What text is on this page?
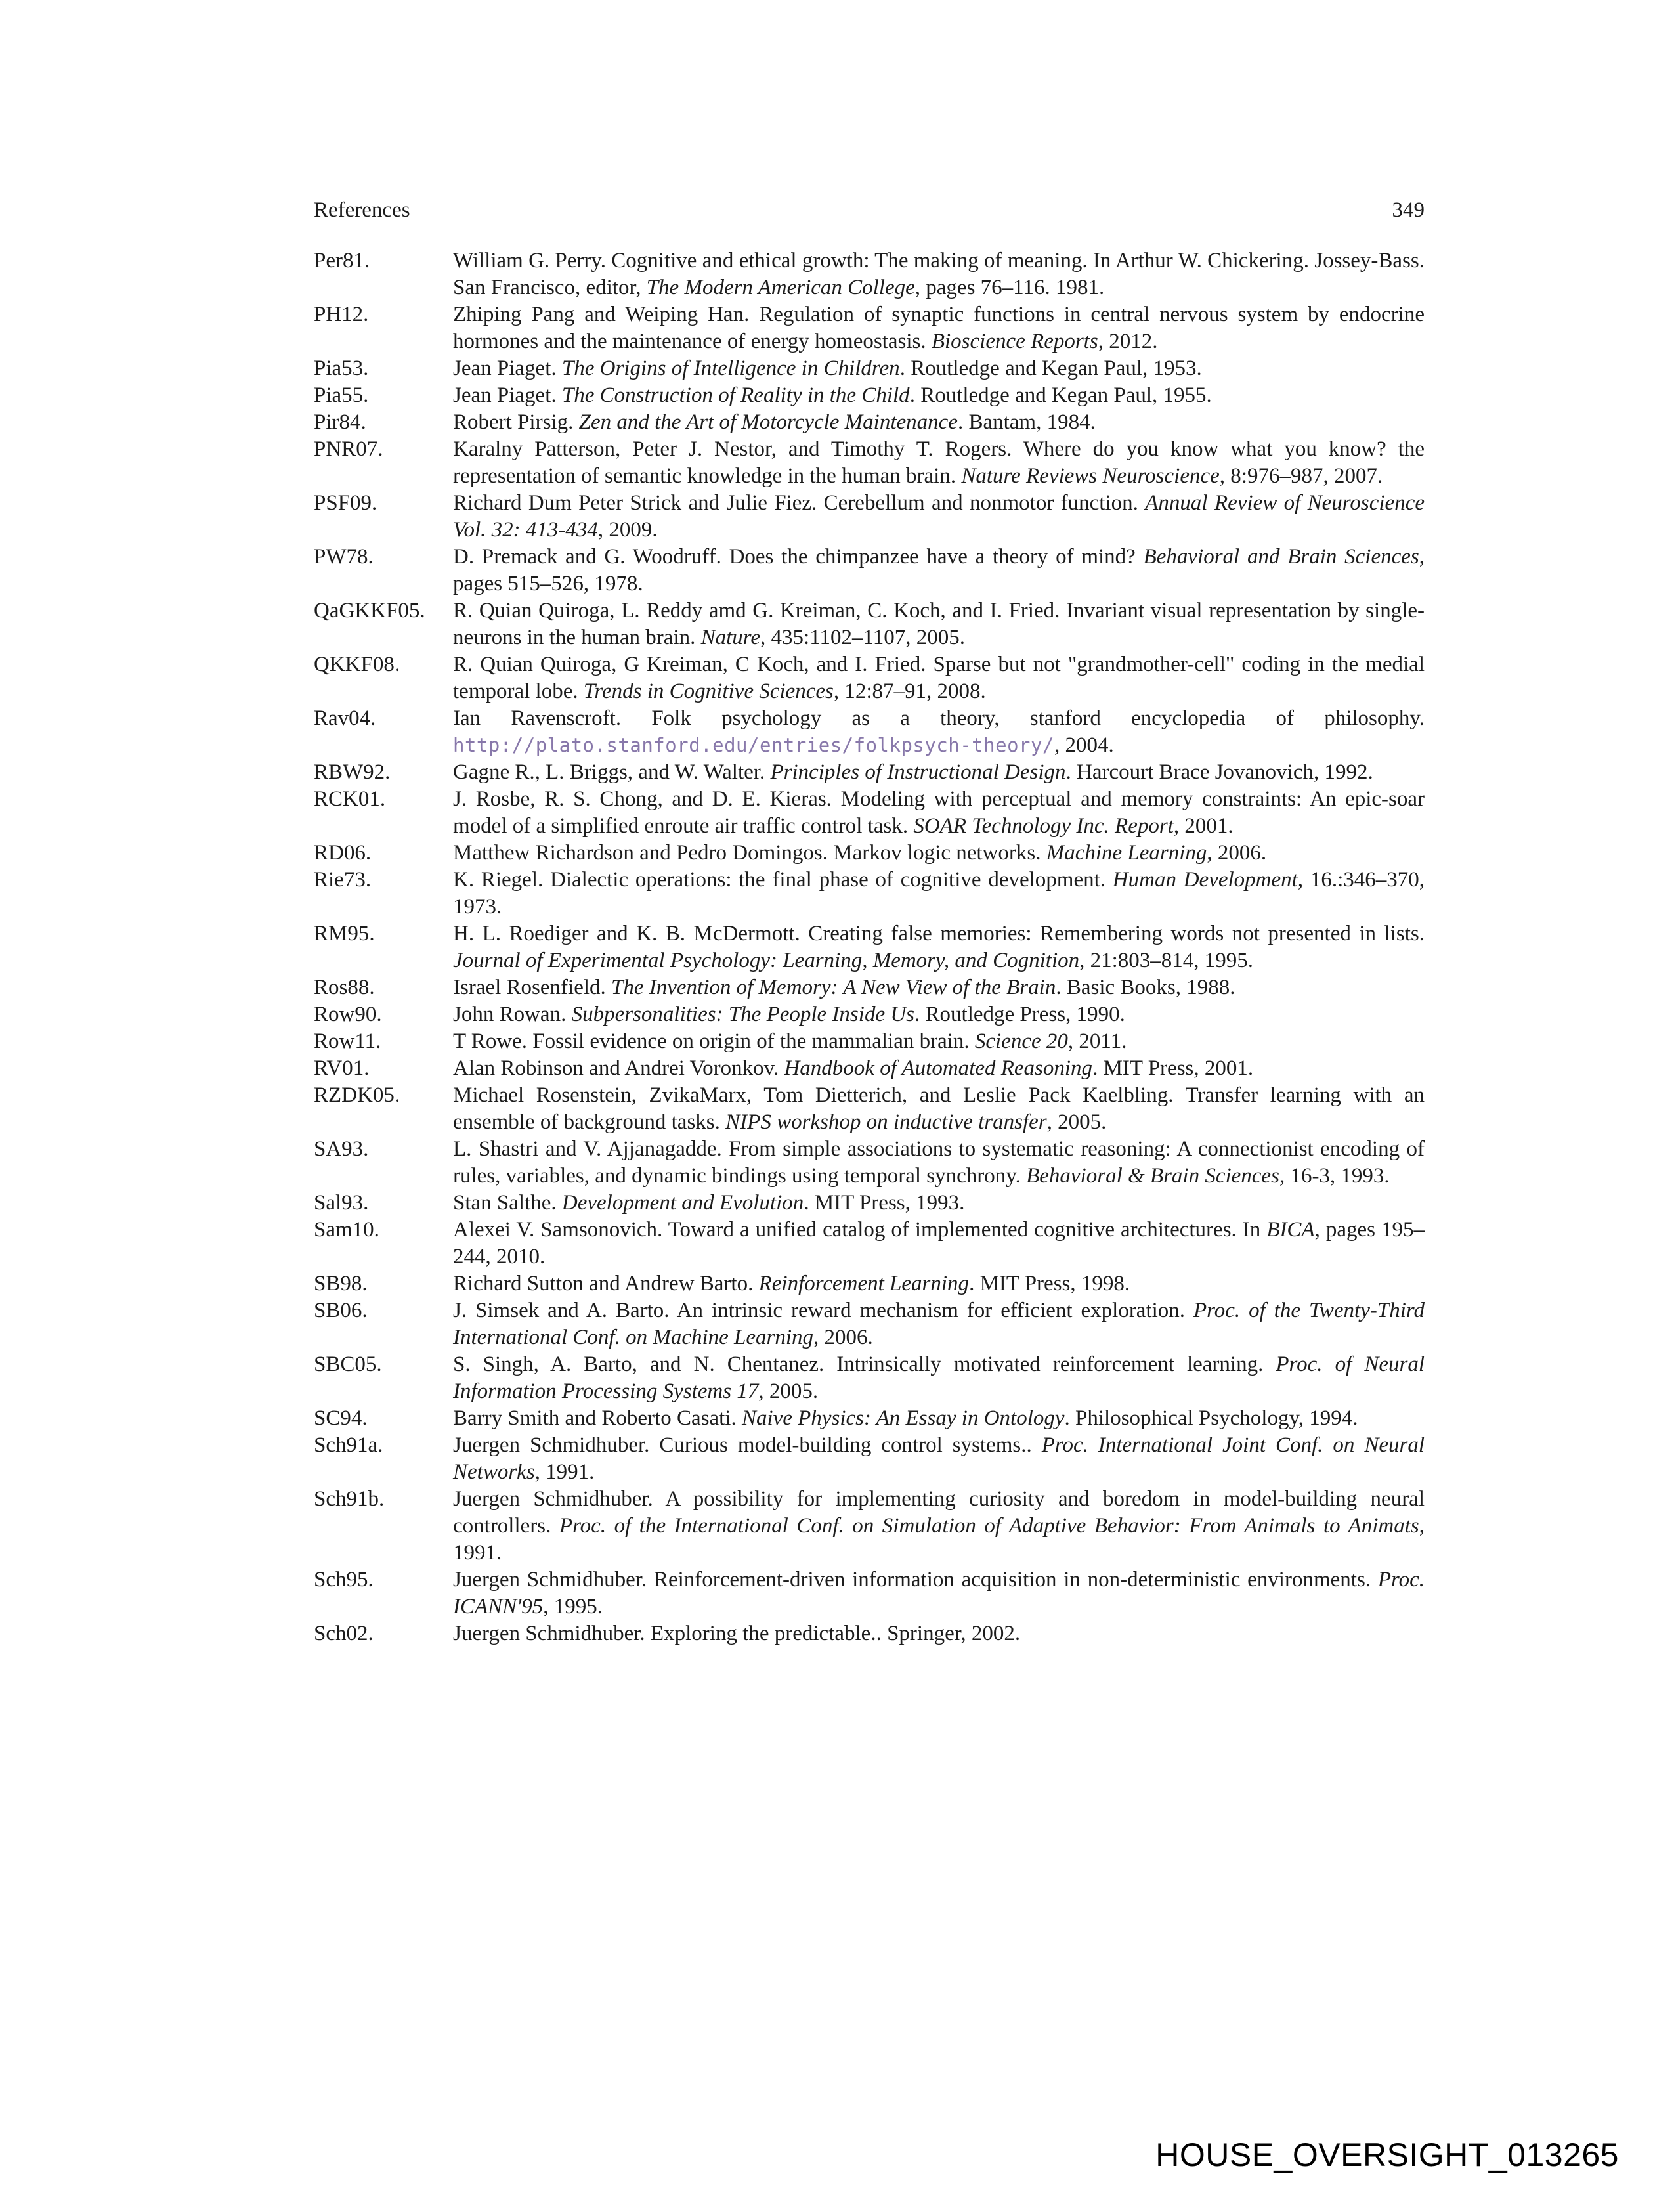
References	349
Per81.	William G. Perry. Cognitive and ethical growth: The making of meaning. In Arthur W. Chickering. Jossey-Bass. San Francisco, editor, The Modern American College, pages 76–116. 1981.
PH12.	Zhiping Pang and Weiping Han. Regulation of synaptic functions in central nervous system by endocrine hormones and the maintenance of energy homeostasis. Bioscience Reports, 2012.
Pia53.	Jean Piaget. The Origins of Intelligence in Children. Routledge and Kegan Paul, 1953.
Pia55.	Jean Piaget. The Construction of Reality in the Child. Routledge and Kegan Paul, 1955.
Pir84.	Robert Pirsig. Zen and the Art of Motorcycle Maintenance. Bantam, 1984.
PNR07.	Karalny Patterson, Peter J. Nestor, and Timothy T. Rogers. Where do you know what you know? the representation of semantic knowledge in the human brain. Nature Reviews Neuroscience, 8:976–987, 2007.
PSF09.	Richard Dum Peter Strick and Julie Fiez. Cerebellum and nonmotor function. Annual Review of Neuroscience Vol. 32: 413-434, 2009.
PW78.	D. Premack and G. Woodruff. Does the chimpanzee have a theory of mind? Behavioral and Brain Sciences, pages 515–526, 1978.
QaGKKF05.	R. Quian Quiroga, L. Reddy amd G. Kreiman, C. Koch, and I. Fried. Invariant visual representation by single-neurons in the human brain. Nature, 435:1102–1107, 2005.
QKKF08.	R. Quian Quiroga, G Kreiman, C Koch, and I. Fried. Sparse but not "grandmother-cell" coding in the medial temporal lobe. Trends in Cognitive Sciences, 12:87–91, 2008.
Rav04.	Ian Ravenscroft. Folk psychology as a theory, stanford encyclopedia of philosophy. http://plato.stanford.edu/entries/folkpsych-theory/, 2004.
RBW92.	Gagne R., L. Briggs, and W. Walter. Principles of Instructional Design. Harcourt Brace Jovanovich, 1992.
RCK01.	J. Rosbe, R. S. Chong, and D. E. Kieras. Modeling with perceptual and memory constraints: An epic-soar model of a simplified enroute air traffic control task. SOAR Technology Inc. Report, 2001.
RD06.	Matthew Richardson and Pedro Domingos. Markov logic networks. Machine Learning, 2006.
Rie73.	K. Riegel. Dialectic operations: the final phase of cognitive development. Human Development, 16.:346–370, 1973.
RM95.	H. L. Roediger and K. B. McDermott. Creating false memories: Remembering words not presented in lists. Journal of Experimental Psychology: Learning, Memory, and Cognition, 21:803–814, 1995.
Ros88.	Israel Rosenfield. The Invention of Memory: A New View of the Brain. Basic Books, 1988.
Row90.	John Rowan. Subpersonalities: The People Inside Us. Routledge Press, 1990.
Row11.	T Rowe. Fossil evidence on origin of the mammalian brain. Science 20, 2011.
RV01.	Alan Robinson and Andrei Voronkov. Handbook of Automated Reasoning. MIT Press, 2001.
RZDK05.	Michael Rosenstein, ZvikaMarx, Tom Dietterich, and Leslie Pack Kaelbling. Transfer learning with an ensemble of background tasks. NIPS workshop on inductive transfer, 2005.
SA93.	L. Shastri and V. Ajjanagadde. From simple associations to systematic reasoning: A connectionist encoding of rules, variables, and dynamic bindings using temporal synchrony. Behavioral & Brain Sciences, 16-3, 1993.
Sal93.	Stan Salthe. Development and Evolution. MIT Press, 1993.
Sam10.	Alexei V. Samsonovich. Toward a unified catalog of implemented cognitive architectures. In BICA, pages 195–244, 2010.
SB98.	Richard Sutton and Andrew Barto. Reinforcement Learning. MIT Press, 1998.
SB06.	J. Simsek and A. Barto. An intrinsic reward mechanism for efficient exploration. Proc. of the Twenty-Third International Conf. on Machine Learning, 2006.
SBC05.	S. Singh, A. Barto, and N. Chentanez. Intrinsically motivated reinforcement learning. Proc. of Neural Information Processing Systems 17, 2005.
SC94.	Barry Smith and Roberto Casati. Naive Physics: An Essay in Ontology. Philosophical Psychology, 1994.
Sch91a.	Juergen Schmidhuber. Curious model-building control systems.. Proc. International Joint Conf. on Neural Networks, 1991.
Sch91b.	Juergen Schmidhuber. A possibility for implementing curiosity and boredom in model-building neural controllers. Proc. of the International Conf. on Simulation of Adaptive Behavior: From Animals to Animats, 1991.
Sch95.	Juergen Schmidhuber. Reinforcement-driven information acquisition in non-deterministic environments. Proc. ICANN'95, 1995.
Sch02.	Juergen Schmidhuber. Exploring the predictable.. Springer, 2002.
HOUSE_OVERSIGHT_013265
